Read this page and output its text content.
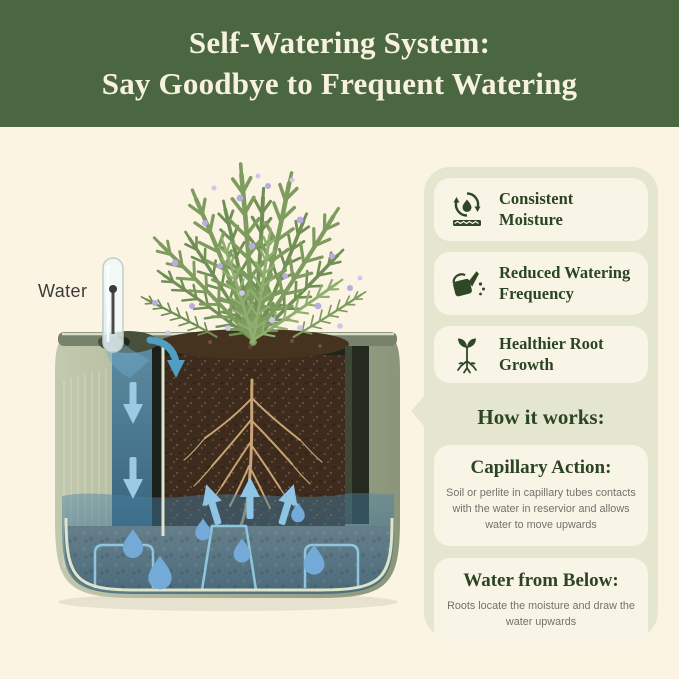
Self-Watering System:
Say Goodbye to Frequent Watering
Water
Consistent Moisture
Reduced Watering Frequency
Healthier Root Growth
How it works:
Capillary Action:
Soil or perlite in capillary tubes contacts with the water in reservior and allows water to move upwards
Water from Below:
Roots locate the moisture and draw the water upwards
